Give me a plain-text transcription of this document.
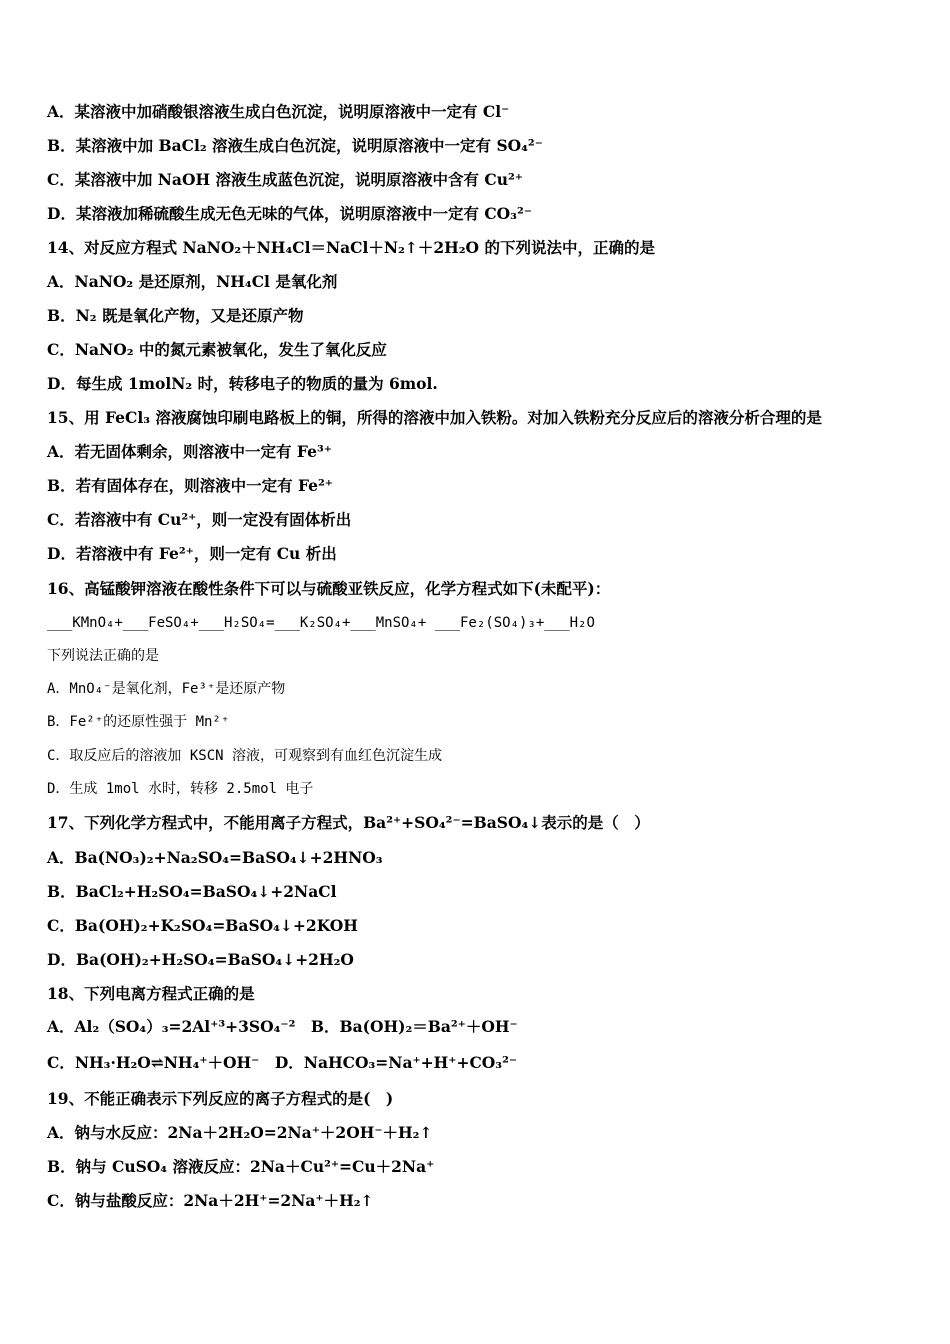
A．某溶液中加硝酸银溶液生成白色沉淀，说明原溶液中一定有 Cl⁻
B．某溶液中加 BaCl₂ 溶液生成白色沉淀，说明原溶液中一定有 SO₄²⁻
C．某溶液中加 NaOH 溶液生成蓝色沉淀，说明原溶液中含有 Cu²⁺
D．某溶液加稀硫酸生成无色无味的气体，说明原溶液中一定有 CO₃²⁻
14、对反应方程式 NaNO₂＋NH₄Cl＝NaCl＋N₂↑＋2H₂O 的下列说法中，正确的是
A．NaNO₂ 是还原剂，NH₄Cl 是氧化剂
B．N₂ 既是氧化产物，又是还原产物
C．NaNO₂ 中的氮元素被氧化，发生了氧化反应
D．每生成 1molN₂ 时，转移电子的物质的量为 6mol.
15、用 FeCl₃ 溶液腐蚀印刷电路板上的铜，所得的溶液中加入铁粉。对加入铁粉充分反应后的溶液分析合理的是
A．若无固体剩余，则溶液中一定有 Fe³⁺
B．若有固体存在，则溶液中一定有 Fe²⁺
C．若溶液中有 Cu²⁺，则一定没有固体析出
D．若溶液中有 Fe²⁺，则一定有 Cu 析出
16、高锰酸钾溶液在酸性条件下可以与硫酸亚铁反应，化学方程式如下(未配平)：
___KMnO₄+___FeSO₄+___H₂SO₄=___K₂SO₄+___MnSO₄+ ___Fe₂(SO₄)₃+___H₂O
下列说法正确的是
A．MnO₄⁻是氧化剂，Fe³⁺是还原产物
B．Fe²⁺的还原性强于 Mn²⁺
C．取反应后的溶液加 KSCN 溶液，可观察到有血红色沉淀生成
D．生成 1mol 水时，转移 2.5mol 电子
17、下列化学方程式中，不能用离子方程式，Ba²⁺+SO₄²⁻=BaSO₄↓表示的是（　）
A．Ba(NO₃)₂+Na₂SO₄=BaSO₄↓+2HNO₃
B．BaCl₂+H₂SO₄=BaSO₄↓+2NaCl
C．Ba(OH)₂+K₂SO₄=BaSO₄↓+2KOH
D．Ba(OH)₂+H₂SO₄=BaSO₄↓+2H₂O
18、下列电离方程式正确的是
A．Al₂（SO₄）₃=2Al⁺³+3SO₄⁻²　B．Ba(OH)₂＝Ba²⁺＋OH⁻
C．NH₃·H₂O⇌NH₄⁺＋OH⁻　D．NaHCO₃=Na⁺+H⁺+CO₃²⁻
19、不能正确表示下列反应的离子方程式的是(　)
A．钠与水反应：2Na＋2H₂O=2Na⁺＋2OH⁻＋H₂↑
B．钠与 CuSO₄ 溶液反应：2Na＋Cu²⁺=Cu＋2Na⁺
C．钠与盐酸反应：2Na＋2H⁺=2Na⁺＋H₂↑
